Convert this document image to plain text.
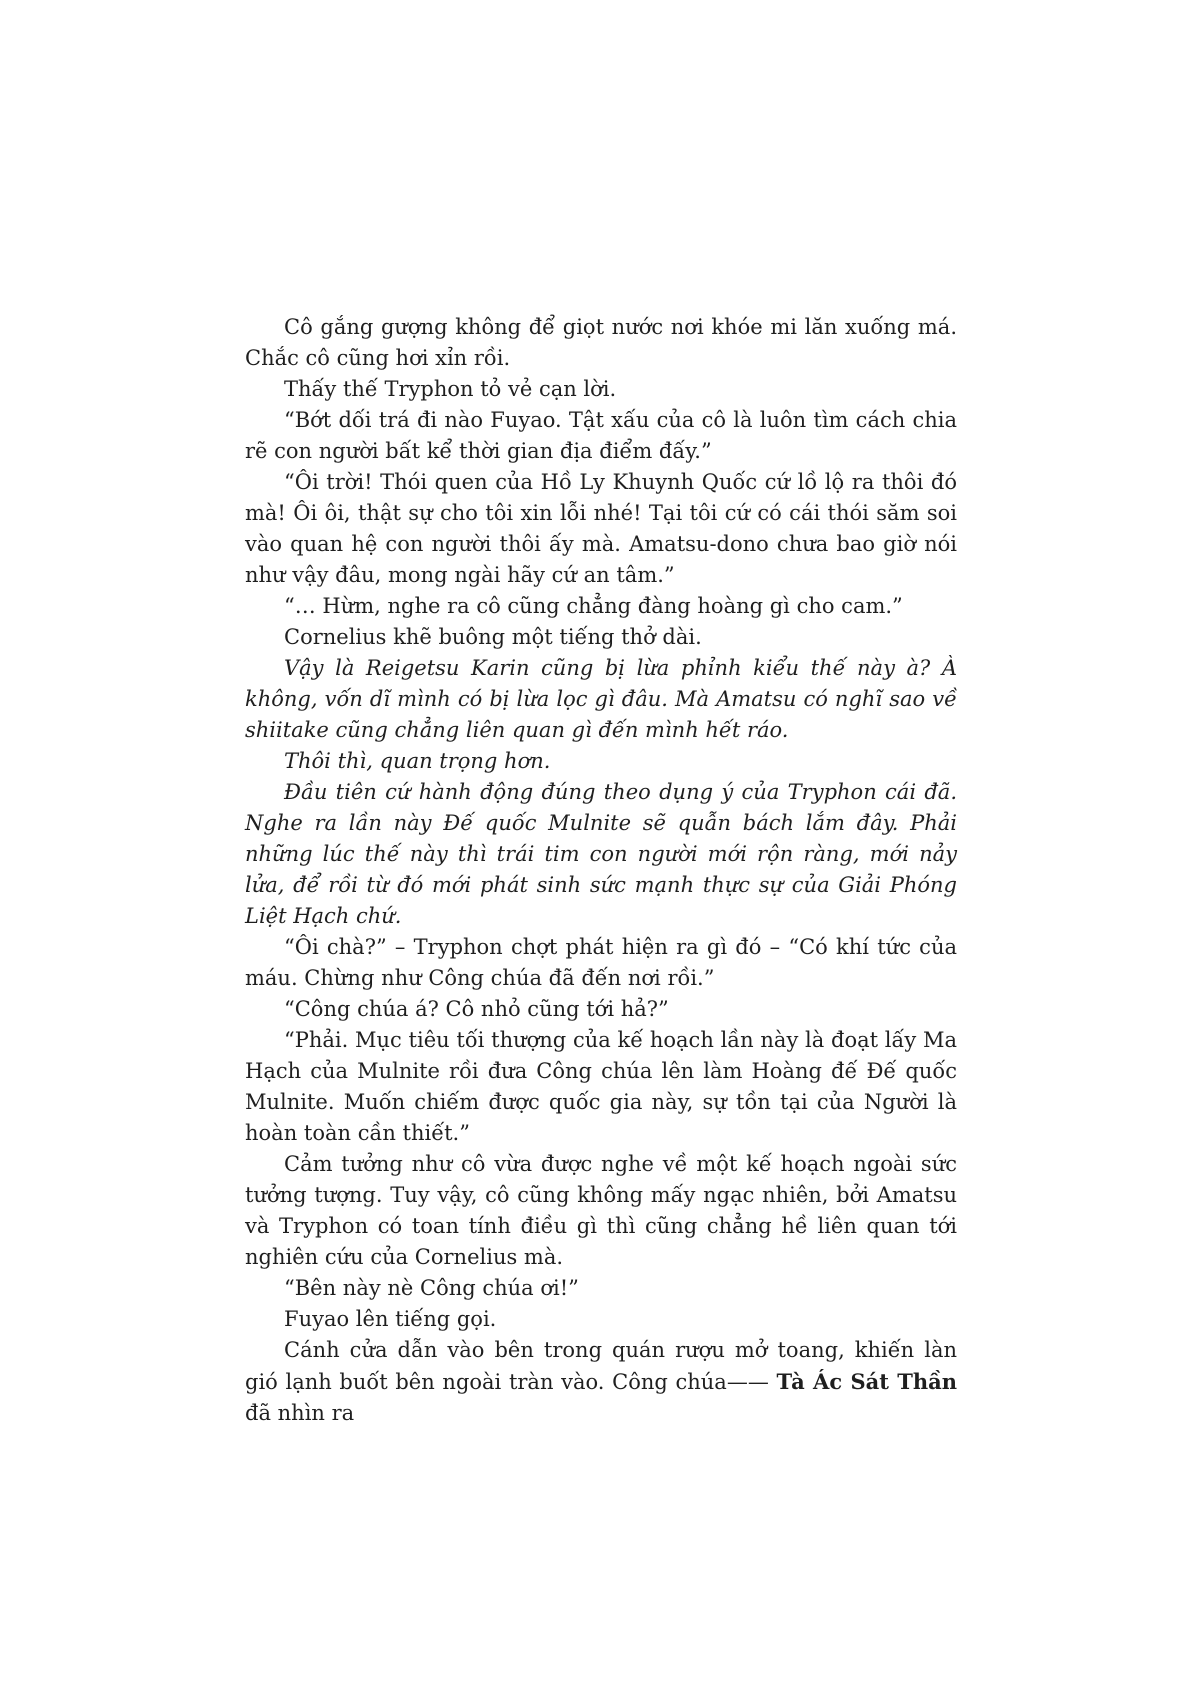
Cô gắng gượng không để giọt nước nơi khóe mi lăn xuống má. Chắc cô cũng hơi xỉn rồi.

Thấy thế Tryphon tỏ vẻ cạn lời.

“Bớt dối trá đi nào Fuyao. Tật xấu của cô là luôn tìm cách chia rẽ con người bất kể thời gian địa điểm đấy.”

“Ôi trời! Thói quen của Hồ Ly Khuynh Quốc cứ lồ lộ ra thôi đó mà! Ôi ôi, thật sự cho tôi xin lỗi nhé! Tại tôi cứ có cái thói săm soi vào quan hệ con người thôi ấy mà. Amatsu-dono chưa bao giờ nói như vậy đâu, mong ngài hãy cứ an tâm.”

“… Hừm, nghe ra cô cũng chẳng đàng hoàng gì cho cam.”

Cornelius khẽ buông một tiếng thở dài.

Vậy là Reigetsu Karin cũng bị lừa phỉnh kiểu thế này à? À không, vốn dĩ mình có bị lừa lọc gì đâu. Mà Amatsu có nghĩ sao về shiitake cũng chẳng liên quan gì đến mình hết ráo.

Thôi thì, quan trọng hơn.

Đầu tiên cứ hành động đúng theo dụng ý của Tryphon cái đã. Nghe ra lần này Đế quốc Mulnite sẽ quẫn bách lắm đây. Phải những lúc thế này thì trái tim con người mới rộn ràng, mới nảy lửa, để rồi từ đó mới phát sinh sức mạnh thực sự của Giải Phóng Liệt Hạch chứ.

“Ôi chà?” – Tryphon chợt phát hiện ra gì đó – “Có khí tức của máu. Chừng như Công chúa đã đến nơi rồi.”

“Công chúa á? Cô nhỏ cũng tới hả?”

“Phải. Mục tiêu tối thượng của kế hoạch lần này là đoạt lấy Ma Hạch của Mulnite rồi đưa Công chúa lên làm Hoàng đế Đế quốc Mulnite. Muốn chiếm được quốc gia này, sự tồn tại của Người là hoàn toàn cần thiết.”

Cảm tưởng như cô vừa được nghe về một kế hoạch ngoài sức tưởng tượng. Tuy vậy, cô cũng không mấy ngạc nhiên, bởi Amatsu và Tryphon có toan tính điều gì thì cũng chẳng hề liên quan tới nghiên cứu của Cornelius mà.

“Bên này nè Công chúa ơi!”

Fuyao lên tiếng gọi.

Cánh cửa dẫn vào bên trong quán rượu mở toang, khiến làn gió lạnh buốt bên ngoài tràn vào. Công chúa—— Tà Ác Sát Thần đã nhìn ra
